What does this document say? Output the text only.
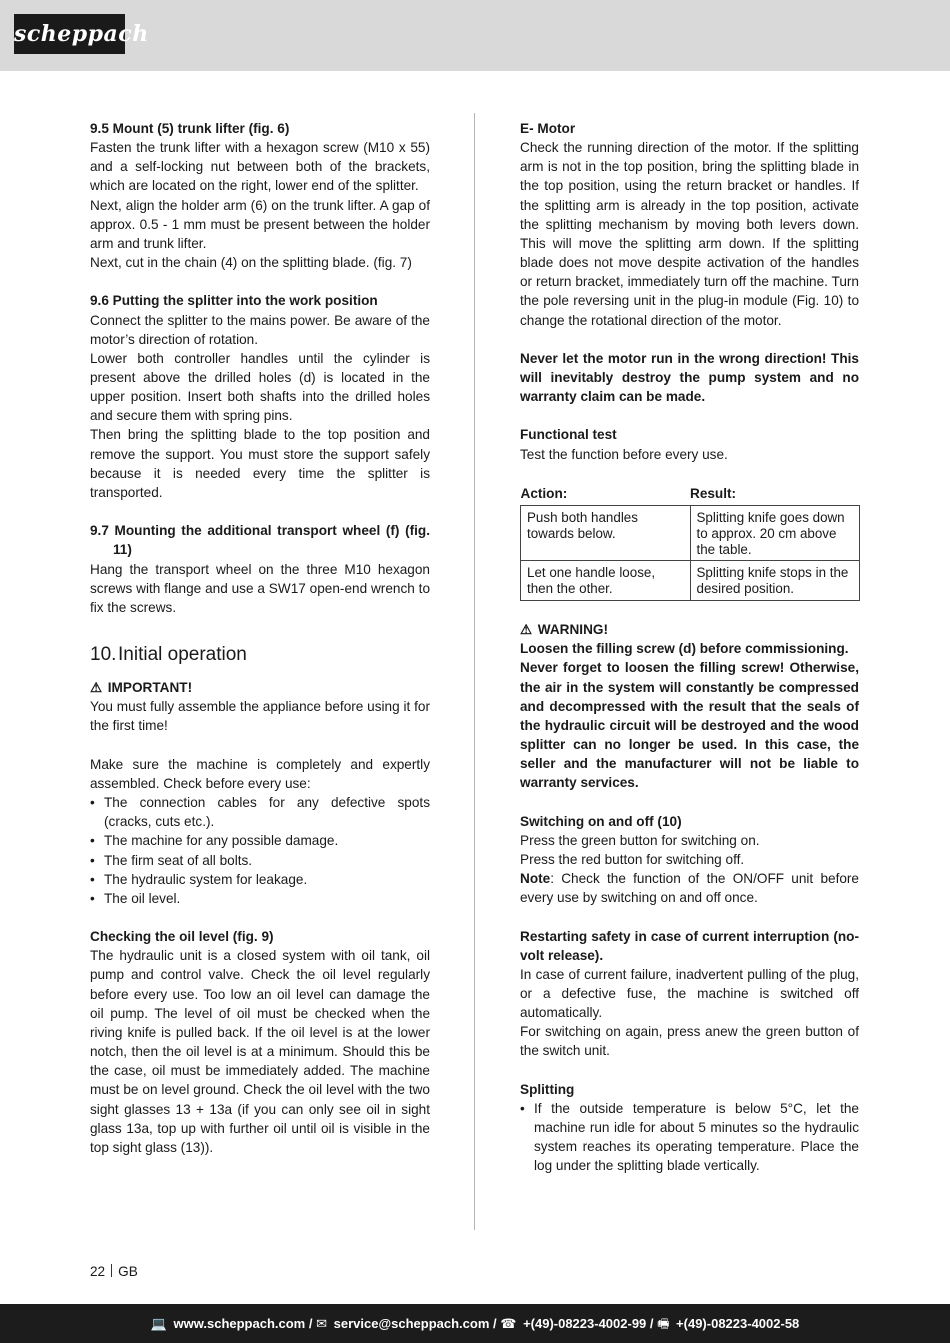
scheppach

9.5 Mount (5) trunk lifter (fig. 6)

Fasten the trunk lifter with a hexagon screw (M10 x 55) and a self-locking nut between both of the brackets, which are located on the right, lower end of the splitter.

Next, align the holder arm (6) on the trunk lifter. A gap of approx. 0.5 - 1 mm must be present between the holder arm and trunk lifter.

Next, cut in the chain (4) on the splitting blade. (fig. 7)

9.6 Putting the splitter into the work position

Connect the splitter to the mains power. Be aware of the motor’s direction of rotation.

Lower both controller handles until the cylinder is present above the drilled holes (d) is located in the upper position. Insert both shafts into the drilled holes and secure them with spring pins.

Then bring the splitting blade to the top position and remove the support. You must store the support safely because it is needed every time the splitter is transported.

9.7 Mounting the additional transport wheel (f) (fig. 11)

Hang the transport wheel on the three M10 hexagon screws with flange and use a SW17 open-end wrench to fix the screws.

10.Initial operation

⚠ IMPORTANT!

You must fully assemble the appliance before using it for the first time!

Make sure the machine is completely and expertly assembled. Check before every use:

• The connection cables for any defective spots (cracks, cuts etc.).
• The machine for any possible damage.
• The firm seat of all bolts.
• The hydraulic system for leakage.
• The oil level.

Checking the oil level (fig. 9)

The hydraulic unit is a closed system with oil tank, oil pump and control valve. Check the oil level regularly before every use. Too low an oil level can damage the oil pump. The level of oil must be checked when the riving knife is pulled back. If the oil level is at the lower notch, then the oil level is at a minimum. Should this be the case, oil must be immediately added. The machine must be on level ground. Check the oil level with the two sight glasses 13 + 13a (if you can only see oil in sight glass 13a, top up with further oil until oil is visible in the top sight glass (13)).

E- Motor

Check the running direction of the motor. If the splitting arm is not in the top position, bring the splitting blade in the top position, using the return bracket or handles. If the splitting arm is already in the top position, activate the splitting mechanism by moving both levers down. This will move the splitting arm down. If the splitting blade does not move despite activation of the handles or return bracket, immediately turn off the machine. Turn the pole reversing unit in the plug-in module (Fig. 10) to change the rotational direction of the motor.

Never let the motor run in the wrong direction! This will inevitably destroy the pump system and no warranty claim can be made.

Functional test

Test the function before every use.

Action:	Result:
Push both handles towards below.	Splitting knife goes down to approx. 20 cm above the table.
Let one handle loose, then the other.	Splitting knife stops in the desired position.

⚠ WARNING!

Loosen the filling screw (d) before commissioning.

Never forget to loosen the filling screw! Otherwise, the air in the system will constantly be compressed and decompressed with the result that the seals of the hydraulic circuit will be destroyed and the wood splitter can no longer be used. In this case, the seller and the manufacturer will not be liable to warranty services.

Switching on and off (10)

Press the green button for switching on.

Press the red button for switching off.

Note: Check the function of the ON/OFF unit before every use by switching on and off once.

Restarting safety in case of current interruption (no-volt release).

In case of current failure, inadvertent pulling of the plug, or a defective fuse, the machine is switched off automatically.

For switching on again, press anew the green button of the switch unit.

Splitting

• If the outside temperature is below 5°C, let the machine run idle for about 5 minutes so the hydraulic system reaches its operating temperature. Place the log under the splitting blade vertically.
22 GB
💻 www.scheppach.com / ✉ service@scheppach.com / ☎ +(49)-08223-4002-99 / 🖷 +(49)-08223-4002-58
